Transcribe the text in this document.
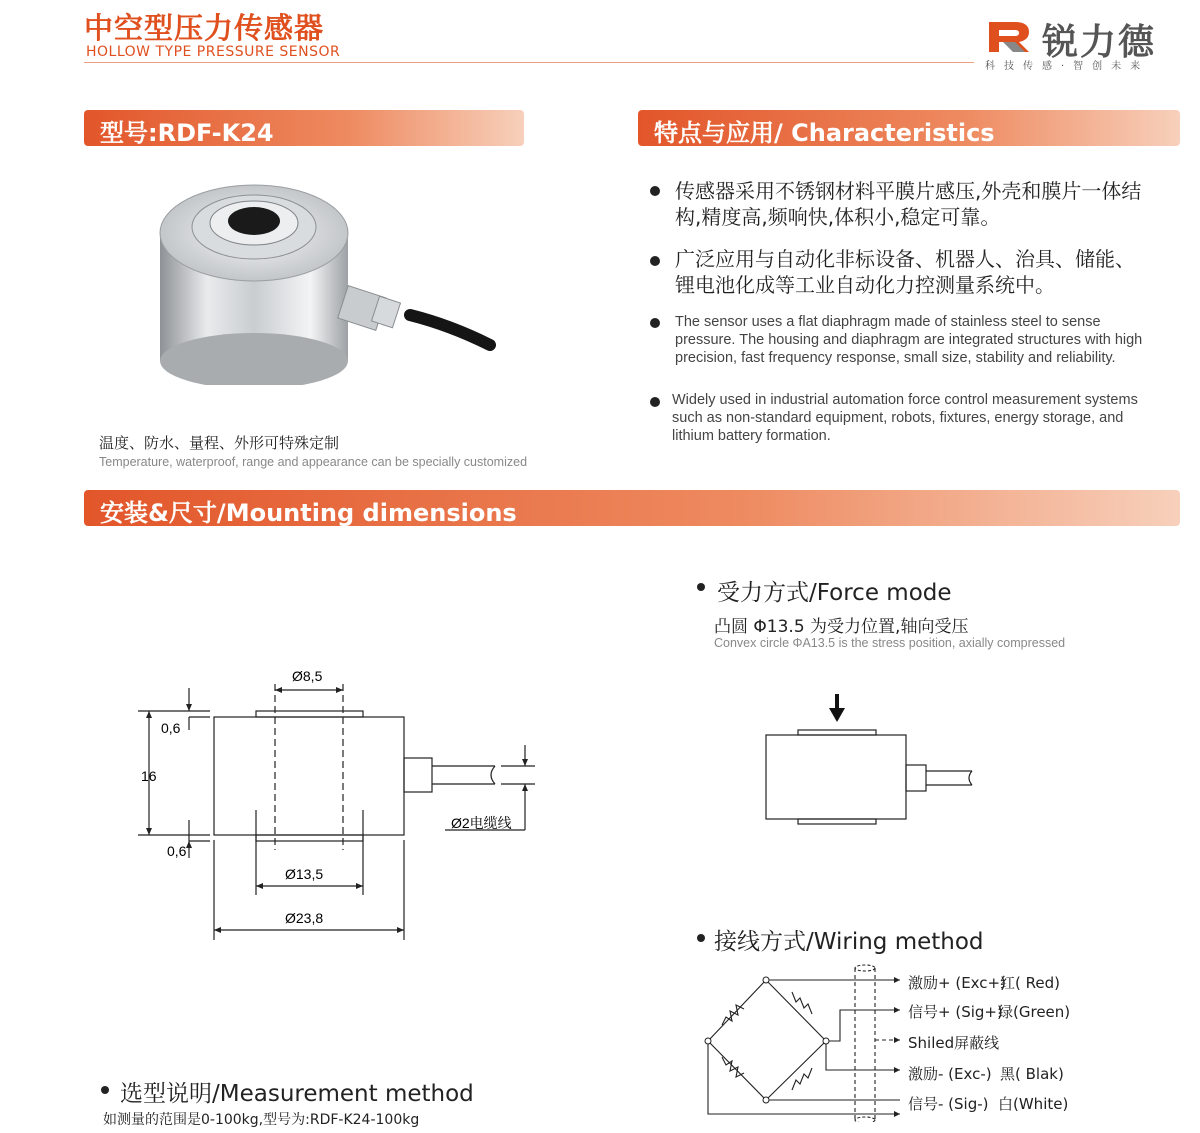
中空型压力传感器
HOLLOW TYPE PRESSURE SENSOR	锐力德
科技传感·智创未来
型号:RDF-K24	特点与应用/ Characteristics
温度、防水、量程、外形可特殊定制
Temperature, waterproof, range and appearance can be specially customized
传感器采用不锈钢材料平膜片感压,外壳和膜片一体结构,精度高,频响快,体积小,稳定可靠。
广泛应用与自动化非标设备、机器人、治具、储能、锂电池化成等工业自动化力控测量系统中。
The sensor uses a flat diaphragm made of stainless steel to sense pressure. The housing and diaphragm are integrated structures with high precision, fast frequency response, small size, stability and reliability.
Widely used in industrial automation force control measurement systems such as non-standard equipment, robots, fixtures, energy storage, and lithium battery formation.
安装&尺寸/Mounting dimensions
Ø8,5
0,6
16
0,6
Ø2电缆线
Ø13,5
Ø23,8
受力方式/Force mode
凸圆 Φ13.5 为受力位置,轴向受压
Convex circle ΦA13.5 is the stress position, axially compressed
接线方式/Wiring method
激励+ (Exc+)
红( Red)
信号+ (Sig+)
绿(Green)
Shiled屏蔽线
激励- (Exc-) 黑( Blak)
信号- (Sig-) 白(White)
选型说明/Measurement method
如测量的范围是0-100kg,型号为:RDF-K24-100kg
